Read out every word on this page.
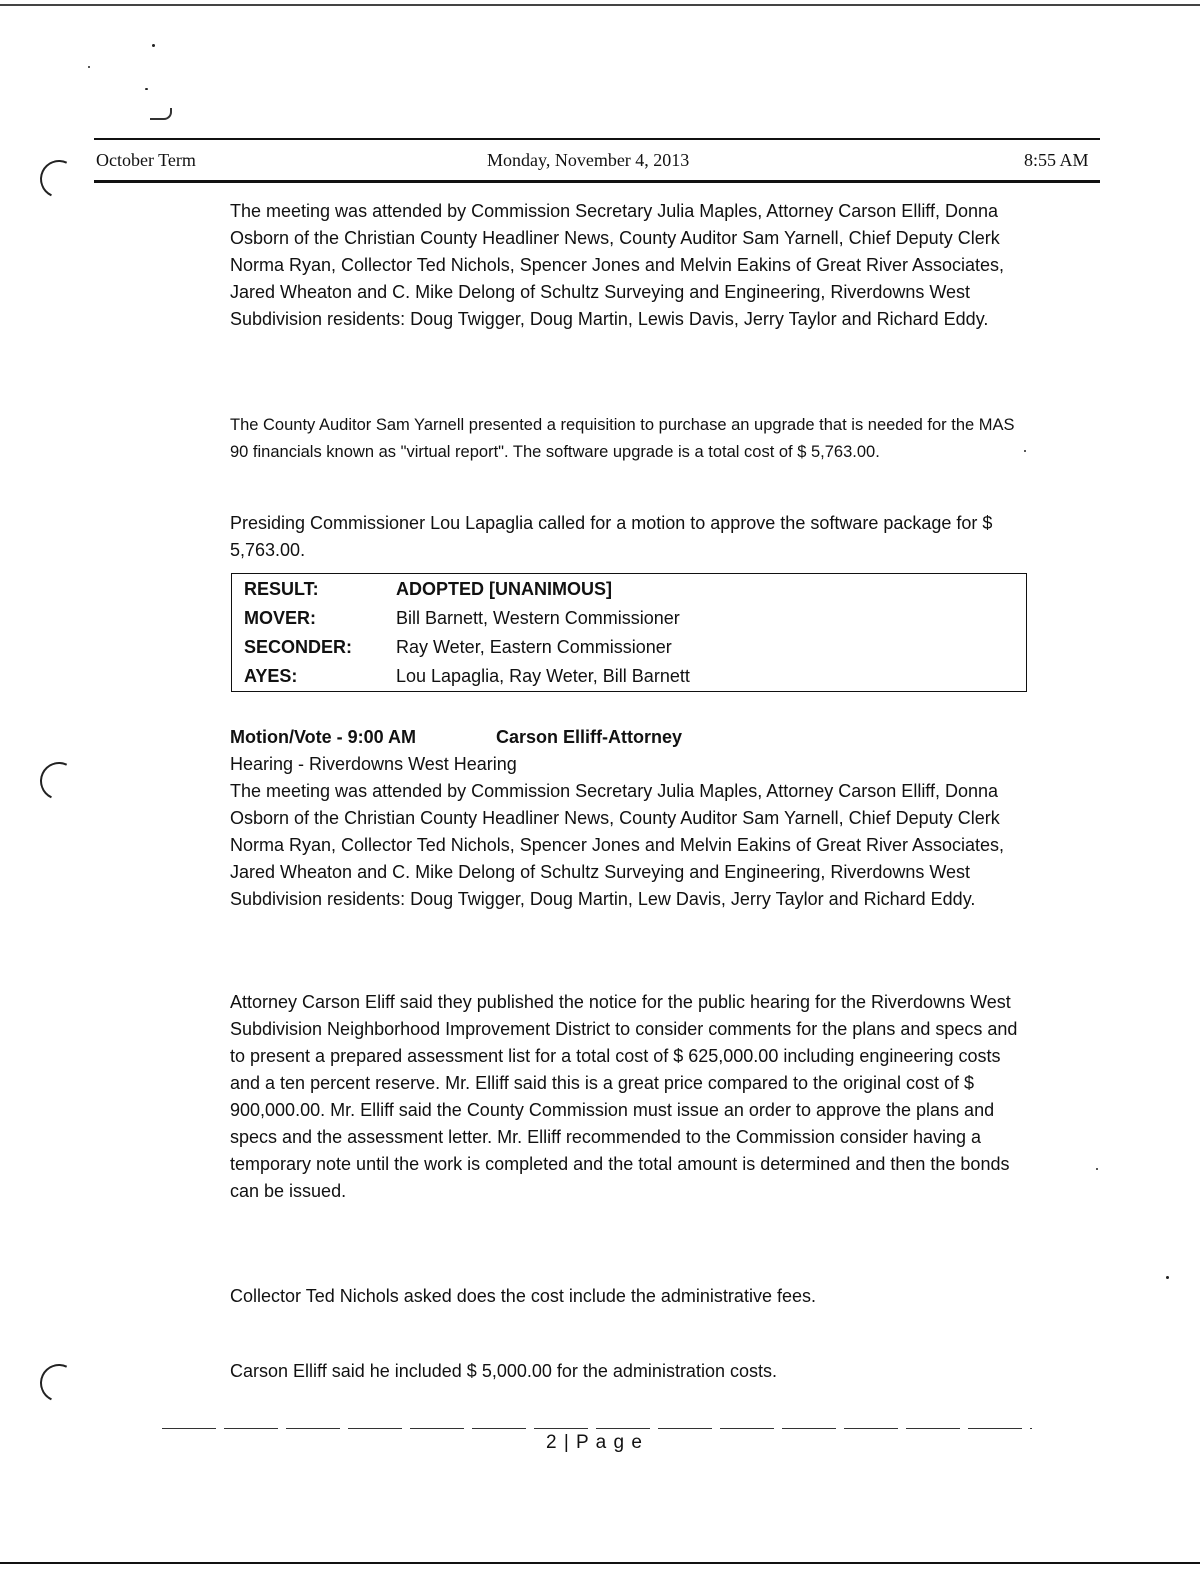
October Term	Monday, November 4, 2013	8:55 AM

The meeting was attended by Commission Secretary Julia Maples, Attorney Carson Elliff, Donna Osborn of the Christian County Headliner News, County Auditor Sam Yarnell, Chief Deputy Clerk Norma Ryan, Collector Ted Nichols, Spencer Jones and Melvin Eakins of Great River Associates, Jared Wheaton and C. Mike Delong of Schultz Surveying and Engineering, Riverdowns West Subdivision residents: Doug Twigger, Doug Martin, Lewis Davis, Jerry Taylor and Richard Eddy.

The County Auditor Sam Yarnell presented a requisition to purchase an upgrade that is needed for the MAS 90 financials known as "virtual report". The software upgrade is a total cost of $ 5,763.00.

Presiding Commissioner Lou Lapaglia called for a motion to approve the software package for $ 5,763.00.

RESULT:	ADOPTED [UNANIMOUS]
MOVER:	Bill Barnett, Western Commissioner
SECONDER: Ray Weter, Eastern Commissioner
AYES:	Lou Lapaglia, Ray Weter, Bill Barnett
Motion/Vote - 9:00 AM	Carson Elliff-Attorney
Hearing - Riverdowns West Hearing

The meeting was attended by Commission Secretary Julia Maples, Attorney Carson Elliff, Donna Osborn of the Christian County Headliner News, County Auditor Sam Yarnell, Chief Deputy Clerk Norma Ryan, Collector Ted Nichols, Spencer Jones and Melvin Eakins of Great River Associates, Jared Wheaton and C. Mike Delong of Schultz Surveying and Engineering, Riverdowns West Subdivision residents: Doug Twigger, Doug Martin, Lew Davis, Jerry Taylor and Richard Eddy.

Attorney Carson Eliff said they published the notice for the public hearing for the Riverdowns West Subdivision Neighborhood Improvement District to consider comments for the plans and specs and to present a prepared assessment list for a total cost of $ 625,000.00 including engineering costs and a ten percent reserve. Mr. Elliff said this is a great price compared to the original cost of $ 900,000.00. Mr. Elliff said the County Commission must issue an order to approve the plans and specs and the assessment letter. Mr. Elliff recommended to the Commission consider having a temporary note until the work is completed and the total amount is determined and then the bonds can be issued.

Collector Ted Nichols asked does the cost include the administrative fees.

Carson Elliff said he included $ 5,000.00 for the administration costs.

2 | P a g e
